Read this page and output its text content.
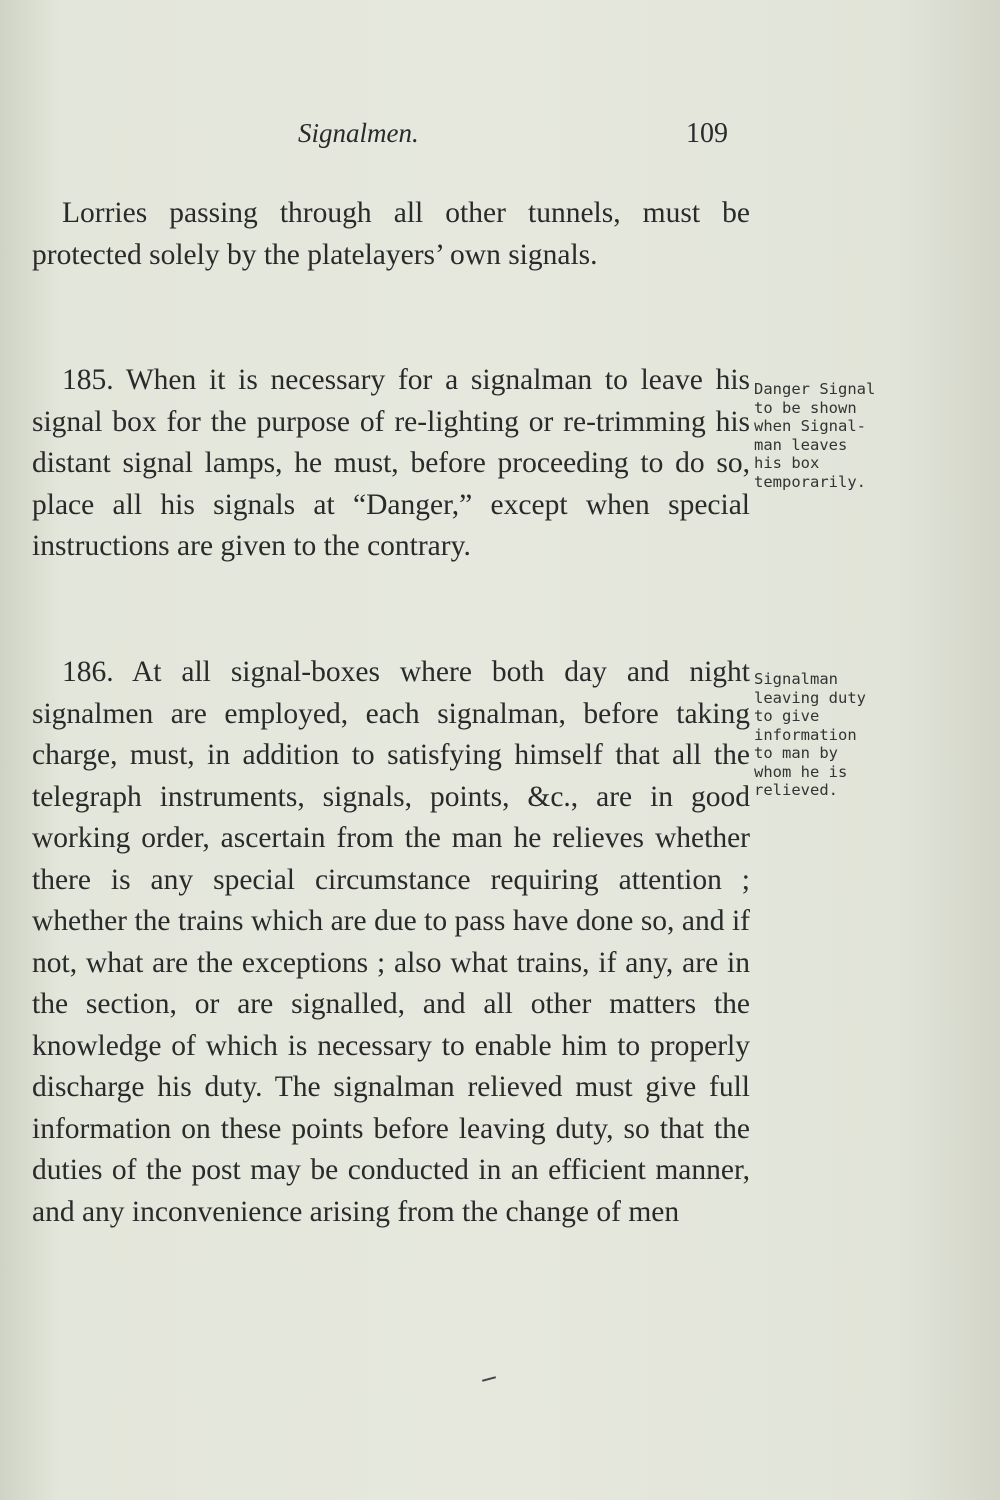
Signalmen.	109

Lorries passing through all other tunnels, must be protected solely by the platelayers’ own signals.

185. When it is necessary for a signalman to leave his signal box for the purpose of re-lighting or re-trimming his distant signal lamps, he must, before proceeding to do so, place all his signals at “Danger,” except when special instructions are given to the contrary.

Danger Signal
to be shown
when Signal-
man leaves
his box
temporarily.

186. At all signal-boxes where both day and night signalmen are employed, each signalman, before taking charge, must, in addition to satisfying himself that all the telegraph instruments, signals, points, &c., are in good working order, ascertain from the man he relieves whether there is any special circumstance requiring attention ; whether the trains which are due to pass have done so, and if not, what are the exceptions ; also what trains, if any, are in the section, or are signalled, and all other matters the knowledge of which is necessary to enable him to properly discharge his duty. The signalman relieved must give full information on these points before leaving duty, so that the duties of the post may be conducted in an efficient manner, and any inconvenience arising from the change of men

Signalman
leaving duty
to give
information
to man by
whom he is
relieved.
